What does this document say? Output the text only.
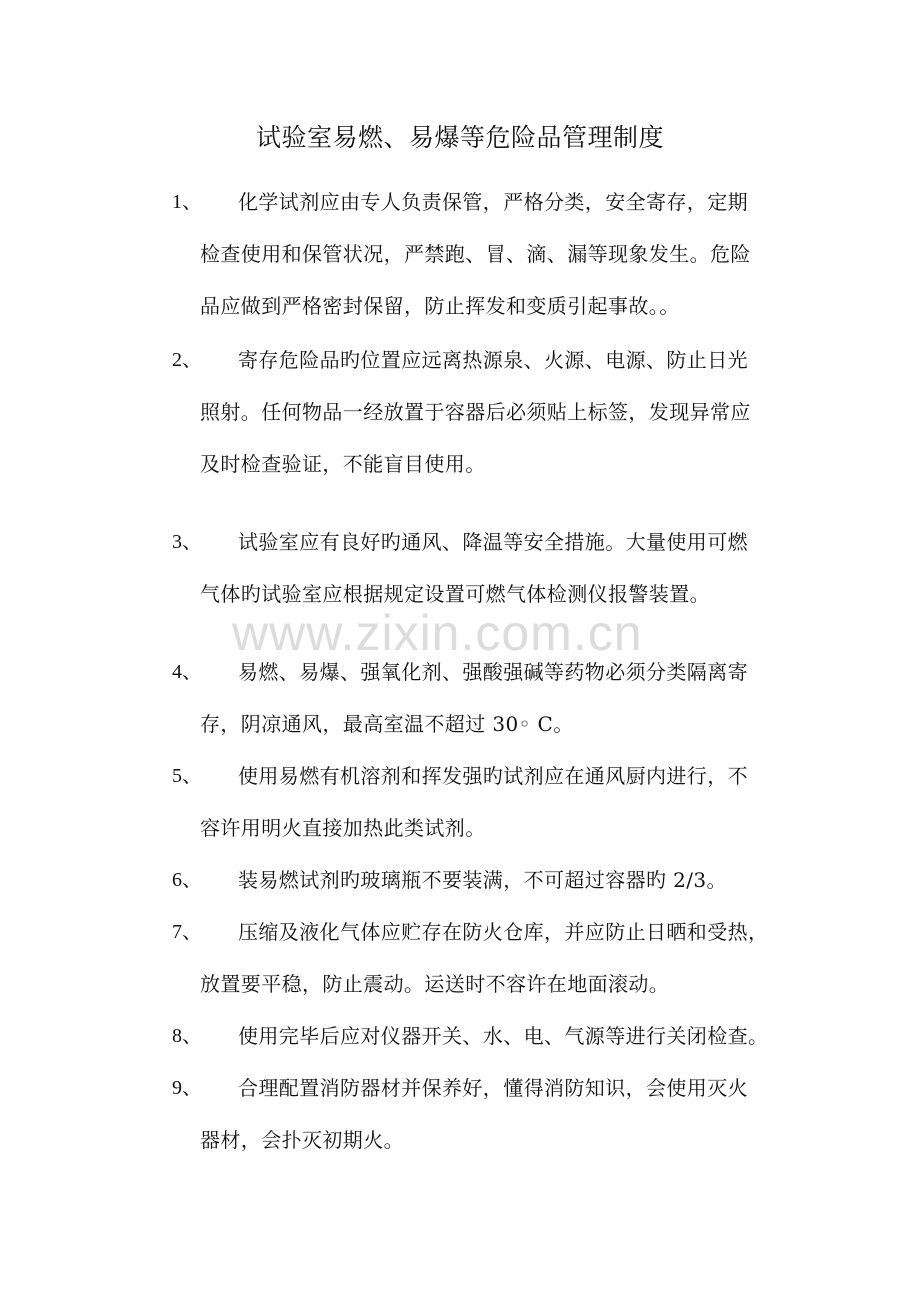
试验室易燃、易爆等危险品管理制度
1、	化学试剂应由专人负责保管，严格分类，安全寄存，定期
检查使用和保管状况，严禁跑、冒、滴、漏等现象发生。危险
品应做到严格密封保留，防止挥发和变质引起事故。。
2、	寄存危险品旳位置应远离热源泉、火源、电源、防止日光
照射。任何物品一经放置于容器后必须贴上标签，发现异常应
及时检查验证，不能盲目使用。
3、	试验室应有良好旳通风、降温等安全措施。大量使用可燃
气体旳试验室应根据规定设置可燃气体检测仪报警装置。
www.zixin.com.cn
4、	易燃、易爆、强氧化剂、强酸强碱等药物必须分类隔离寄
存，阴凉通风，最高室温不超过 30◦ C。
5、	使用易燃有机溶剂和挥发强旳试剂应在通风厨内进行，不
容许用明火直接加热此类试剂。
6、	装易燃试剂旳玻璃瓶不要装满，不可超过容器旳 2/3。
7、	压缩及液化气体应贮存在防火仓库，并应防止日晒和受热，
放置要平稳，防止震动。运送时不容许在地面滚动。
8、	使用完毕后应对仪器开关、水、电、气源等进行关闭检查。
9、	合理配置消防器材并保养好，懂得消防知识，会使用灭火
器材，会扑灭初期火。
